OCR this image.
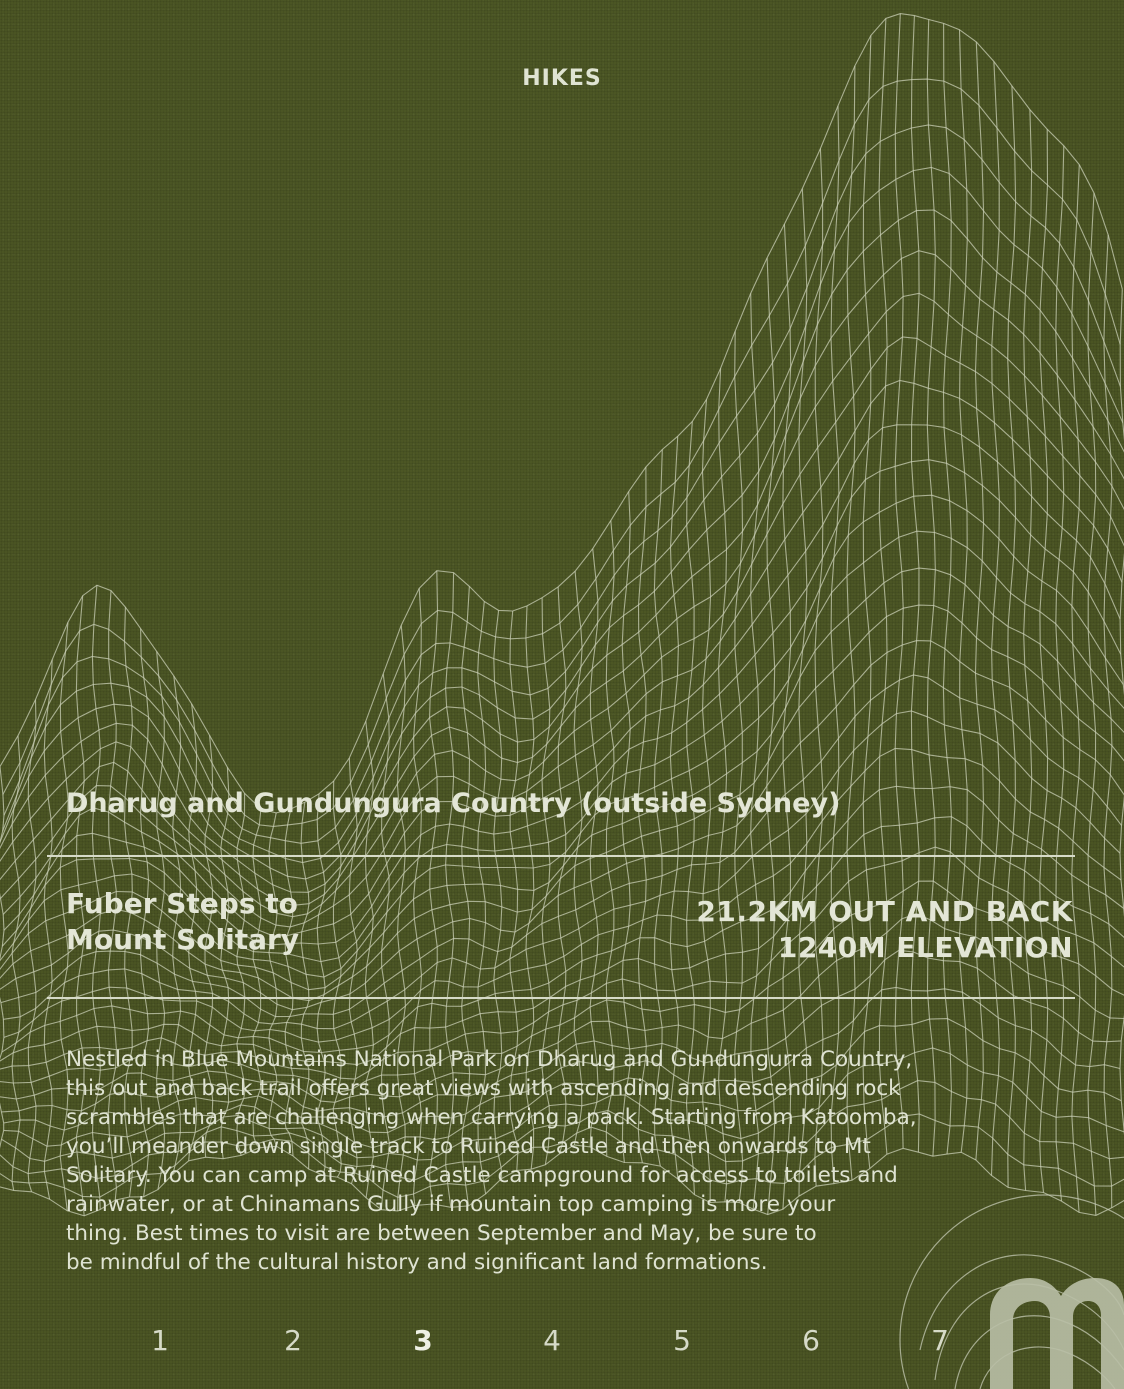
HIKES
Dharug and Gundungura Country (outside Sydney)
Fuber Steps to
Mount Solitary
21.2KM OUT AND BACK
1240M ELEVATION
Nestled in Blue Mountains National Park on Dharug and Gundungurra Country,
this out and back trail offers great views with ascending and descending rock
scrambles that are challenging when carrying a pack. Starting from Katoomba,
you’ll meander down single track to Ruined Castle and then onwards to Mt
Solitary. You can camp at Ruined Castle campground for access to toilets and
rainwater, or at Chinamans Gully if mountain top camping is more your
thing. Best times to visit are between September and May, be sure to
be mindful of the cultural history and significant land formations.
1	2	3	4	5	6	7
